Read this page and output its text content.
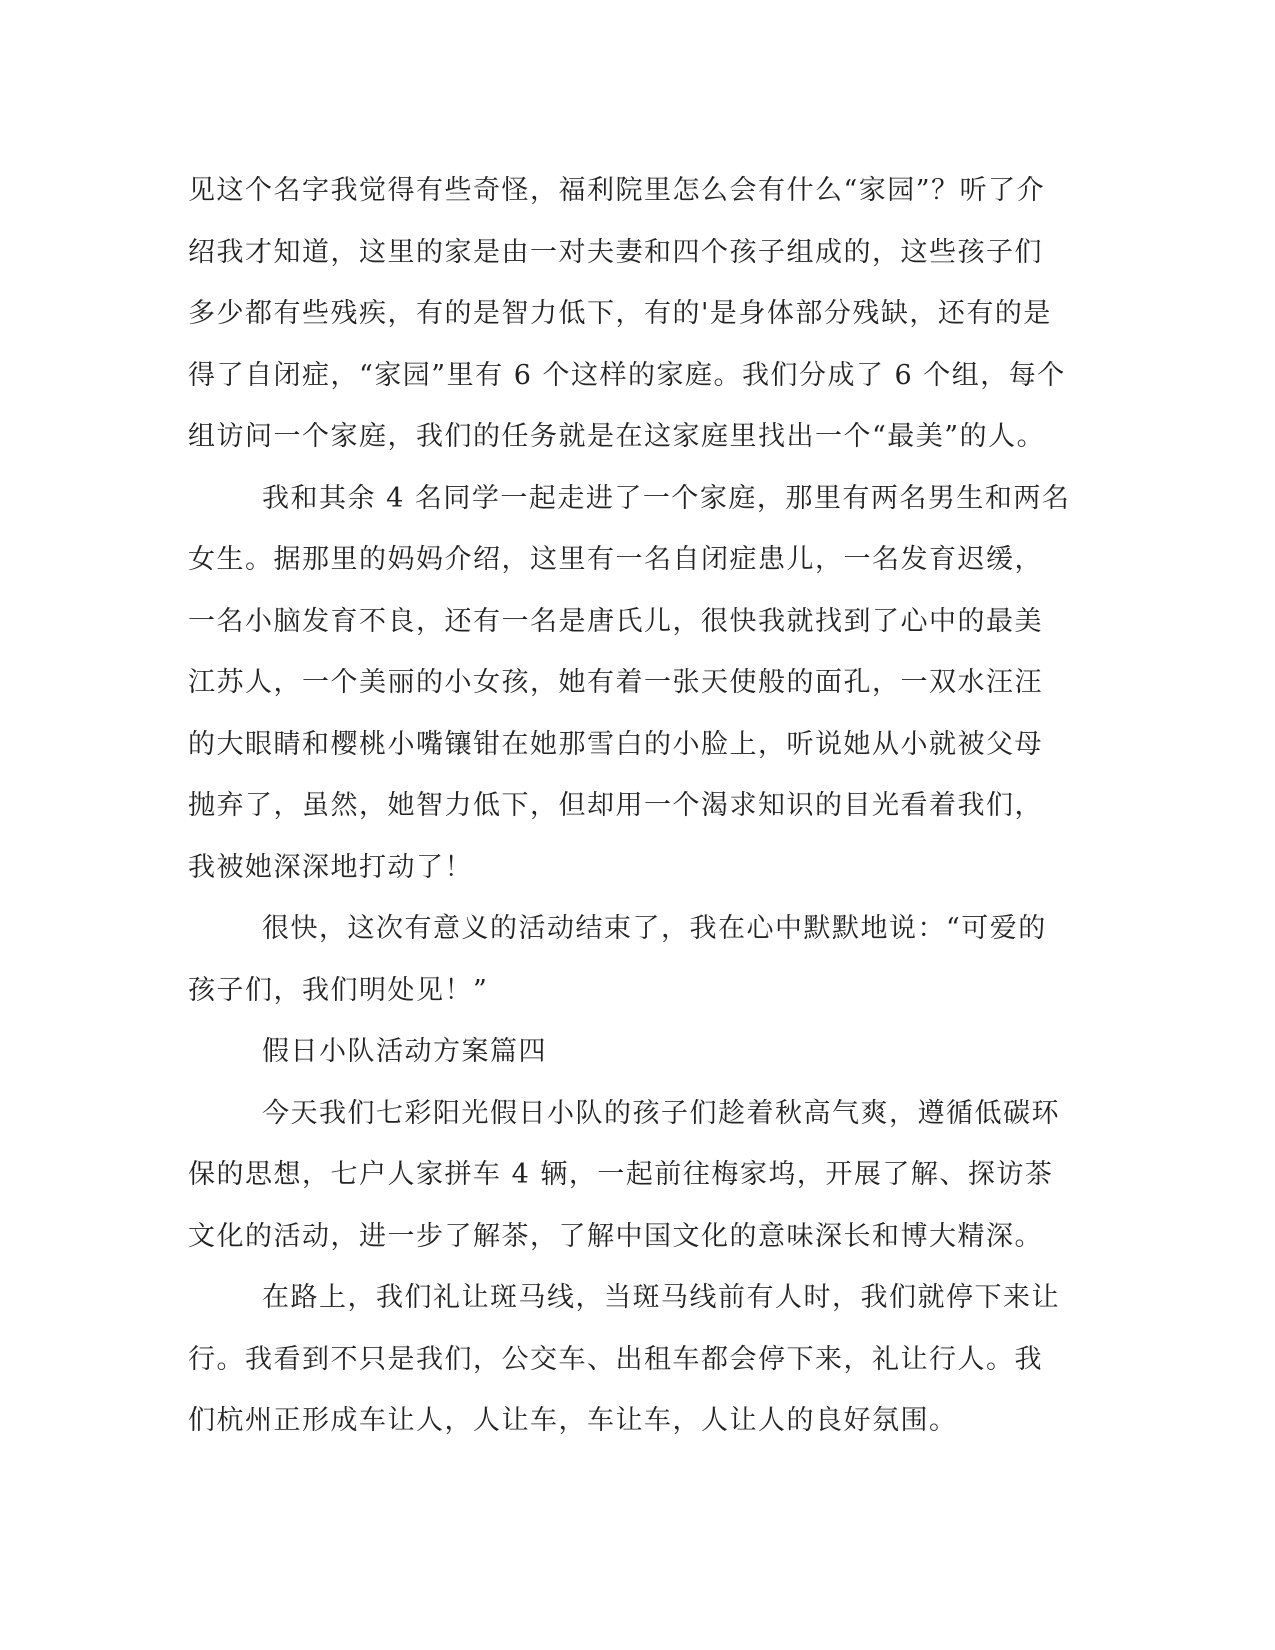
见这个名字我觉得有些奇怪，福利院里怎么会有什么“家园”？听了介

绍我才知道，这里的家是由一对夫妻和四个孩子组成的，这些孩子们

多少都有些残疾，有的是智力低下，有的'是身体部分残缺，还有的是

得了自闭症，“家园”里有 6 个这样的家庭。我们分成了 6 个组，每个

组访问一个家庭，我们的任务就是在这家庭里找出一个“最美”的人。

我和其余 4 名同学一起走进了一个家庭，那里有两名男生和两名

女生。据那里的妈妈介绍，这里有一名自闭症患儿，一名发育迟缓，

一名小脑发育不良，还有一名是唐氏儿，很快我就找到了心中的最美

江苏人，一个美丽的小女孩，她有着一张天使般的面孔，一双水汪汪

的大眼睛和樱桃小嘴镶钳在她那雪白的小脸上，听说她从小就被父母

抛弃了，虽然，她智力低下，但却用一个渴求知识的目光看着我们，

我被她深深地打动了！

很快，这次有意义的活动结束了，我在心中默默地说：“可爱的

孩子们，我们明处见！”

假日小队活动方案篇四

今天我们七彩阳光假日小队的孩子们趁着秋高气爽，遵循低碳环

保的思想，七户人家拼车 4 辆，一起前往梅家坞，开展了解、探访茶

文化的活动，进一步了解茶，了解中国文化的意味深长和博大精深。

在路上，我们礼让斑马线，当斑马线前有人时，我们就停下来让

行。我看到不只是我们，公交车、出租车都会停下来，礼让行人。我

们杭州正形成车让人，人让车，车让车，人让人的良好氛围。
